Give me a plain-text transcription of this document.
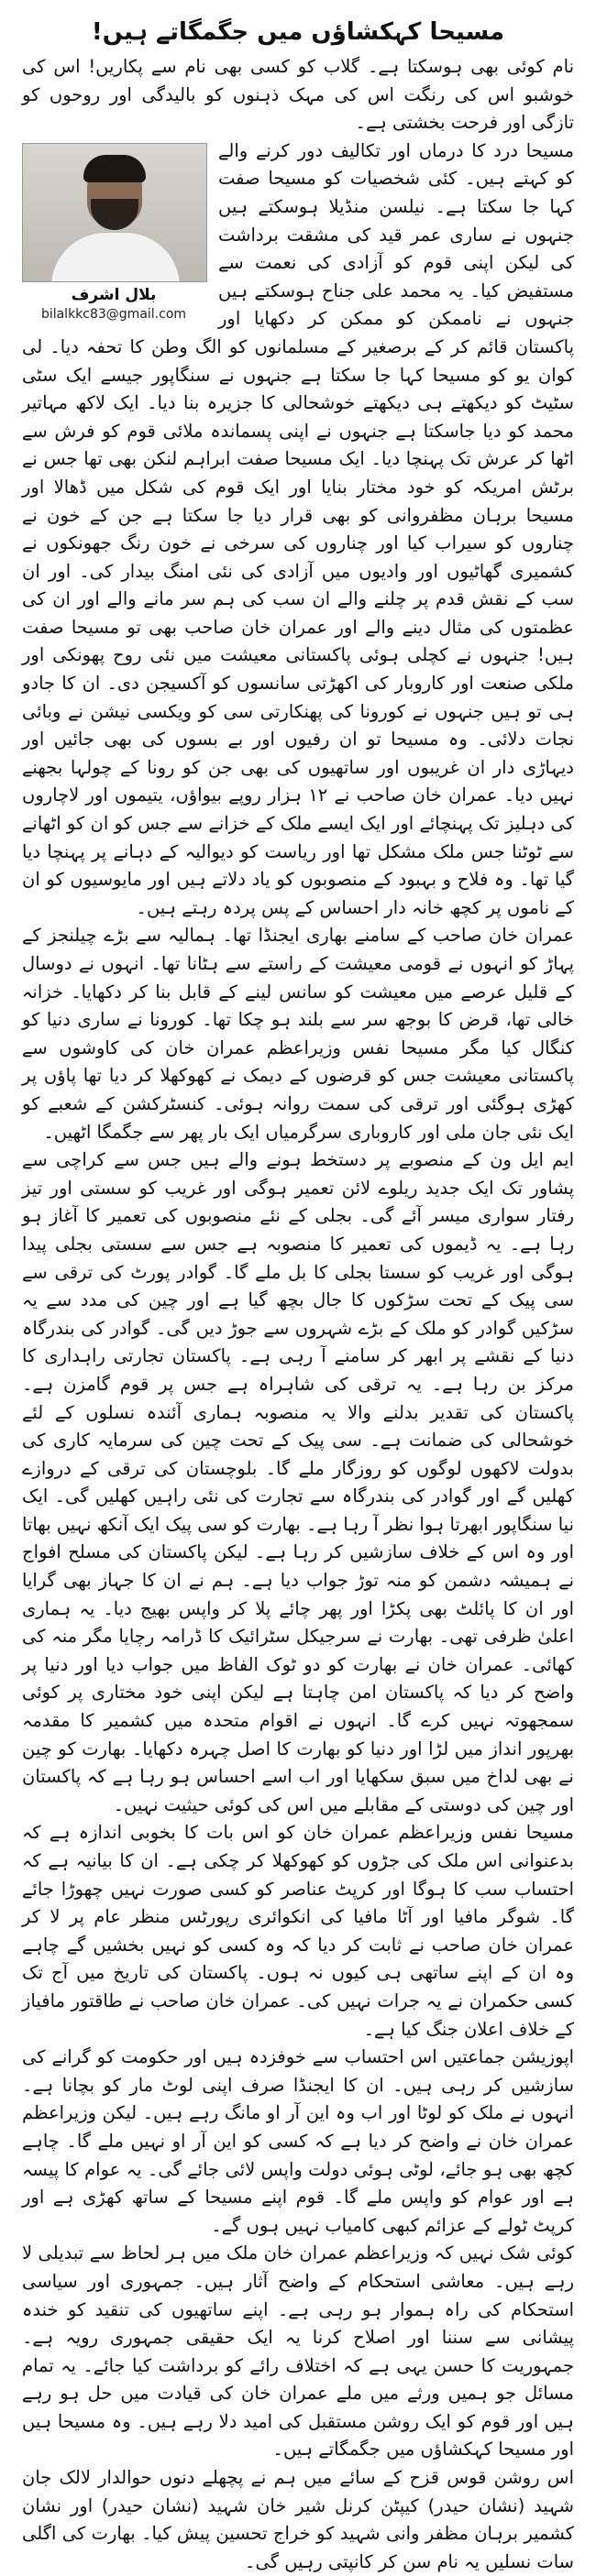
مسیحا کہکشاؤں میں جگمگاتے ہیں!

نام کوئی بھی ہوسکتا ہے۔ گلاب کو کسی بھی نام سے پکاریں! اس کی خوشبو اس کی رنگت اس کی مہک ذہنوں کو بالیدگی اور روحوں کو تازگی اور فرحت بخشتی ہے۔

بلال اشرف
bilalkkc83@gmail.com

مسیحا درد کا درماں اور تکالیف دور کرنے والے کو کہتے ہیں۔ کئی شخصیات کو مسیحا صفت کہا جا سکتا ہے۔ نیلسن منڈیلا ہوسکتے ہیں جنہوں نے ساری عمر قید کی مشقت برداشت کی لیکن اپنی قوم کو آزادی کی نعمت سے مستفیض کیا۔ یہ محمد علی جناح ہوسکتے ہیں جنہوں نے ناممکن کو ممکن کر دکھایا اور پاکستان قائم کر کے برصغیر کے مسلمانوں کو الگ وطن کا تحفہ دیا۔ لی کوان یو کو مسیحا کہا جا سکتا ہے جنہوں نے سنگاپور جیسے ایک سٹی سٹیٹ کو دیکھتے ہی دیکھتے خوشحالی کا جزیرہ بنا دیا۔ ایک لاکھ مہاتیر محمد کو دیا جاسکتا ہے جنہوں نے اپنی پسماندہ ملائی قوم کو فرش سے اٹھا کر عرش تک پہنچا دیا۔ ایک مسیحا صفت ابراہم لنکن بھی تھا جس نے برٹش امریکہ کو خود مختار بنایا اور ایک قوم کی شکل میں ڈھالا اور مسیحا برہان مظفروانی کو بھی قرار دیا جا سکتا ہے جن کے خون نے چناروں کو سیراب کیا اور چناروں کی سرخی نے خون رنگ جھونکوں نے کشمیری گھاٹیوں اور وادیوں میں آزادی کی نئی امنگ بیدار کی۔ اور ان سب کے نقش قدم پر چلنے والے ان سب کی ہم سر مانے والے اور ان کی عظمتوں کی مثال دینے والے اور عمران خان صاحب بھی تو مسیحا صفت ہیں! جنہوں نے کچلی ہوئی پاکستانی معیشت میں نئی روح پھونکی اور ملکی صنعت اور کاروبار کی اکھڑتی سانسوں کو آکسیجن دی۔ ان کا جادو ہی تو ہیں جنہوں نے کورونا کی پھنکارتی سی کو ویکسی نیشن نے وبائی نجات دلائی۔ وہ مسیحا تو ان رفیوں اور بے بسوں کی بھی جائیں اور دیہاڑی دار ان غریبوں اور ساتھیوں کی بھی جن کو رونا کے چولہا بجھنے نہیں دیا۔ عمران خان صاحب نے ۱۲ ہزار روپے بیواؤں، یتیموں اور لاچاروں کی دہلیز تک پہنچائے اور ایک ایسے ملک کے خزانے سے جس کو ان کو اٹھانے سے ٹوٹنا جس ملک مشکل تھا اور ریاست کو دیوالیہ کے دہانے پر پہنچا دیا گیا تھا۔ وہ فلاح و بہبود کے منصوبوں کو یاد دلاتے ہیں اور مایوسیوں کو ان کے ناموں پر کچھ خانہ دار احساس کے پس پردہ رہتے ہیں۔

عمران خان صاحب کے سامنے بھاری ایجنڈا تھا۔ ہمالیہ سے بڑے چیلنجز کے پہاڑ کو انہوں نے قومی معیشت کے راستے سے ہٹانا تھا۔ انہوں نے دوسال کے قلیل عرصے میں معیشت کو سانس لینے کے قابل بنا کر دکھایا۔ خزانہ خالی تھا، قرض کا بوجھ سر سے بلند ہو چکا تھا۔ کورونا نے ساری دنیا کو کنگال کیا مگر مسیحا نفس وزیراعظم عمران خان کی کاوشوں سے پاکستانی معیشت جس کو قرضوں کے دیمک نے کھوکھلا کر دیا تھا پاؤں پر کھڑی ہوگئی اور ترقی کی سمت روانہ ہوئی۔ کنسٹرکشن کے شعبے کو ایک نئی جان ملی اور کاروباری سرگرمیاں ایک بار پھر سے جگمگا اٹھیں۔

ایم ایل ون کے منصوبے پر دستخط ہونے والے ہیں جس سے کراچی سے پشاور تک ایک جدید ریلوے لائن تعمیر ہوگی اور غریب کو سستی اور تیز رفتار سواری میسر آئے گی۔ بجلی کے نئے منصوبوں کی تعمیر کا آغاز ہو رہا ہے۔ یہ ڈیموں کی تعمیر کا منصوبہ ہے جس سے سستی بجلی پیدا ہوگی اور غریب کو سستا بجلی کا بل ملے گا۔ گوادر پورٹ کی ترقی سے سی پیک کے تحت سڑکوں کا جال بچھ گیا ہے اور چین کی مدد سے یہ سڑکیں گوادر کو ملک کے بڑے شہروں سے جوڑ دیں گی۔ گوادر کی بندرگاہ دنیا کے نقشے پر ابھر کر سامنے آ رہی ہے۔ پاکستان تجارتی راہداری کا مرکز بن رہا ہے۔ یہ ترقی کی شاہراہ ہے جس پر قوم گامزن ہے۔ پاکستان کی تقدیر بدلنے والا یہ منصوبہ ہماری آئندہ نسلوں کے لئے خوشحالی کی ضمانت ہے۔ سی پیک کے تحت چین کی سرمایہ کاری کی بدولت لاکھوں لوگوں کو روزگار ملے گا۔ بلوچستان کی ترقی کے دروازے کھلیں گے اور گوادر کی بندرگاہ سے تجارت کی نئی راہیں کھلیں گی۔ ایک نیا سنگاپور ابھرتا ہوا نظر آ رہا ہے۔ بھارت کو سی پیک ایک آنکھ نہیں بھاتا اور وہ اس کے خلاف سازشیں کر رہا ہے۔ لیکن پاکستان کی مسلح افواج نے ہمیشہ دشمن کو منہ توڑ جواب دیا ہے۔ ہم نے ان کا جہاز بھی گرایا اور ان کا پائلٹ بھی پکڑا اور پھر چائے پلا کر واپس بھیج دیا۔ یہ ہماری اعلیٰ ظرفی تھی۔ بھارت نے سرجیکل سٹرائیک کا ڈرامہ رچایا مگر منہ کی کھائی۔ عمران خان نے بھارت کو دو ٹوک الفاظ میں جواب دیا اور دنیا پر واضح کر دیا کہ پاکستان امن چاہتا ہے لیکن اپنی خود مختاری پر کوئی سمجھوتہ نہیں کرے گا۔ انہوں نے اقوام متحدہ میں کشمیر کا مقدمہ بھرپور انداز میں لڑا اور دنیا کو بھارت کا اصل چہرہ دکھایا۔ بھارت کو چین نے بھی لداخ میں سبق سکھایا اور اب اسے احساس ہو رہا ہے کہ پاکستان اور چین کی دوستی کے مقابلے میں اس کی کوئی حیثیت نہیں۔

مسیحا نفس وزیراعظم عمران خان کو اس بات کا بخوبی اندازہ ہے کہ بدعنوانی اس ملک کی جڑوں کو کھوکھلا کر چکی ہے۔ ان کا بیانیہ ہے کہ احتساب سب کا ہوگا اور کرپٹ عناصر کو کسی صورت نہیں چھوڑا جائے گا۔ شوگر مافیا اور آٹا مافیا کی انکوائری رپورٹس منظر عام پر لا کر عمران خان صاحب نے ثابت کر دیا کہ وہ کسی کو نہیں بخشیں گے چاہے وہ ان کے اپنے ساتھی ہی کیوں نہ ہوں۔ پاکستان کی تاریخ میں آج تک کسی حکمران نے یہ جرات نہیں کی۔ عمران خان صاحب نے طاقتور مافیاز کے خلاف اعلان جنگ کیا ہے۔

اپوزیشن جماعتیں اس احتساب سے خوفزدہ ہیں اور حکومت کو گرانے کی سازشیں کر رہی ہیں۔ ان کا ایجنڈا صرف اپنی لوٹ مار کو بچانا ہے۔ انہوں نے ملک کو لوٹا اور اب وہ این آر او مانگ رہے ہیں۔ لیکن وزیراعظم عمران خان نے واضح کر دیا ہے کہ کسی کو این آر او نہیں ملے گا۔ چاہے کچھ بھی ہو جائے، لوٹی ہوئی دولت واپس لائی جائے گی۔ یہ عوام کا پیسہ ہے اور عوام کو واپس ملے گا۔ قوم اپنے مسیحا کے ساتھ کھڑی ہے اور کرپٹ ٹولے کے عزائم کبھی کامیاب نہیں ہوں گے۔

کوئی شک نہیں کہ وزیراعظم عمران خان ملک میں ہر لحاظ سے تبدیلی لا رہے ہیں۔ معاشی استحکام کے واضح آثار ہیں۔ جمہوری اور سیاسی استحکام کی راہ ہموار ہو رہی ہے۔ اپنے ساتھیوں کی تنقید کو خندہ پیشانی سے سننا اور اصلاح کرنا یہ ایک حقیقی جمہوری رویہ ہے۔ جمہوریت کا حسن یہی ہے کہ اختلاف رائے کو برداشت کیا جائے۔ یہ تمام مسائل جو ہمیں ورثے میں ملے عمران خان کی قیادت میں حل ہو رہے ہیں اور قوم کو ایک روشن مستقبل کی امید دلا رہے ہیں۔ وہ مسیحا ہیں اور مسیحا کہکشاؤں میں جگمگاتے ہیں۔

اس روشن قوس قزح کے سائے میں ہم نے پچھلے دنوں حوالدار لالک جان شہید (نشان حیدر) کیپٹن کرنل شیر خان شہید (نشان حیدر) اور نشان کشمیر برہان مظفر وانی شہید کو خراج تحسین پیش کیا۔ بھارت کی اگلی سات نسلیں یہ نام سن کر کانپتی رہیں گی۔
